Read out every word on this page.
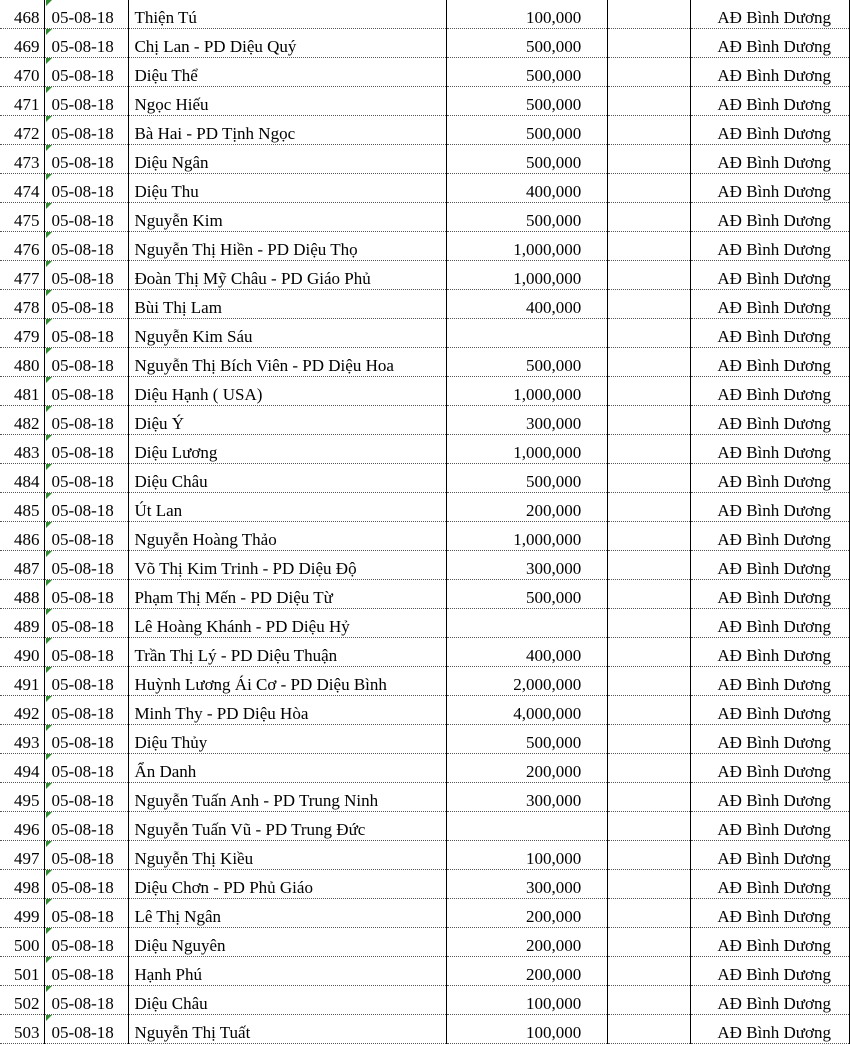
468	05-08-18	Thiện Tú	100,000		AĐ Bình Dương
469	05-08-18	Chị Lan - PD Diệu Quý	500,000		AĐ Bình Dương
470	05-08-18	Diệu Thể	500,000		AĐ Bình Dương
471	05-08-18	Ngọc Hiếu	500,000		AĐ Bình Dương
472	05-08-18	Bà Hai - PD Tịnh Ngọc	500,000		AĐ Bình Dương
473	05-08-18	Diệu Ngân	500,000		AĐ Bình Dương
474	05-08-18	Diệu Thu	400,000		AĐ Bình Dương
475	05-08-18	Nguyễn Kim	500,000		AĐ Bình Dương
476	05-08-18	Nguyễn Thị Hiền - PD Diệu Thọ	1,000,000		AĐ Bình Dương
477	05-08-18	Đoàn Thị Mỹ Châu - PD Giáo Phủ	1,000,000		AĐ Bình Dương
478	05-08-18	Bùi Thị Lam	400,000		AĐ Bình Dương
479	05-08-18	Nguyễn Kim Sáu			AĐ Bình Dương
480	05-08-18	Nguyễn Thị Bích Viên - PD Diệu Hoa	500,000		AĐ Bình Dương
481	05-08-18	Diệu Hạnh ( USA)	1,000,000		AĐ Bình Dương
482	05-08-18	Diệu Ý	300,000		AĐ Bình Dương
483	05-08-18	Diệu Lương	1,000,000		AĐ Bình Dương
484	05-08-18	Diệu Châu	500,000		AĐ Bình Dương
485	05-08-18	Út Lan	200,000		AĐ Bình Dương
486	05-08-18	Nguyễn Hoàng Thảo	1,000,000		AĐ Bình Dương
487	05-08-18	Võ Thị Kim Trinh - PD Diệu Độ	300,000		AĐ Bình Dương
488	05-08-18	Phạm Thị Mến - PD Diệu Từ	500,000		AĐ Bình Dương
489	05-08-18	Lê Hoàng Khánh - PD Diệu Hỷ			AĐ Bình Dương
490	05-08-18	Trần Thị Lý - PD Diệu Thuận	400,000		AĐ Bình Dương
491	05-08-18	Huỳnh Lương Ái Cơ - PD Diệu Bình	2,000,000		AĐ Bình Dương
492	05-08-18	Minh Thy - PD Diệu Hòa	4,000,000		AĐ Bình Dương
493	05-08-18	Diệu Thủy	500,000		AĐ Bình Dương
494	05-08-18	Ẩn Danh	200,000		AĐ Bình Dương
495	05-08-18	Nguyễn Tuấn Anh - PD Trung Ninh	300,000		AĐ Bình Dương
496	05-08-18	Nguyễn Tuấn Vũ - PD Trung Đức			AĐ Bình Dương
497	05-08-18	Nguyễn Thị Kiều	100,000		AĐ Bình Dương
498	05-08-18	Diệu Chơn - PD Phủ Giáo	300,000		AĐ Bình Dương
499	05-08-18	Lê Thị Ngân	200,000		AĐ Bình Dương
500	05-08-18	Diệu Nguyên	200,000		AĐ Bình Dương
501	05-08-18	Hạnh Phú	200,000		AĐ Bình Dương
502	05-08-18	Diệu Châu	100,000		AĐ Bình Dương
503	05-08-18	Nguyễn Thị Tuất	100,000		AĐ Bình Dương
